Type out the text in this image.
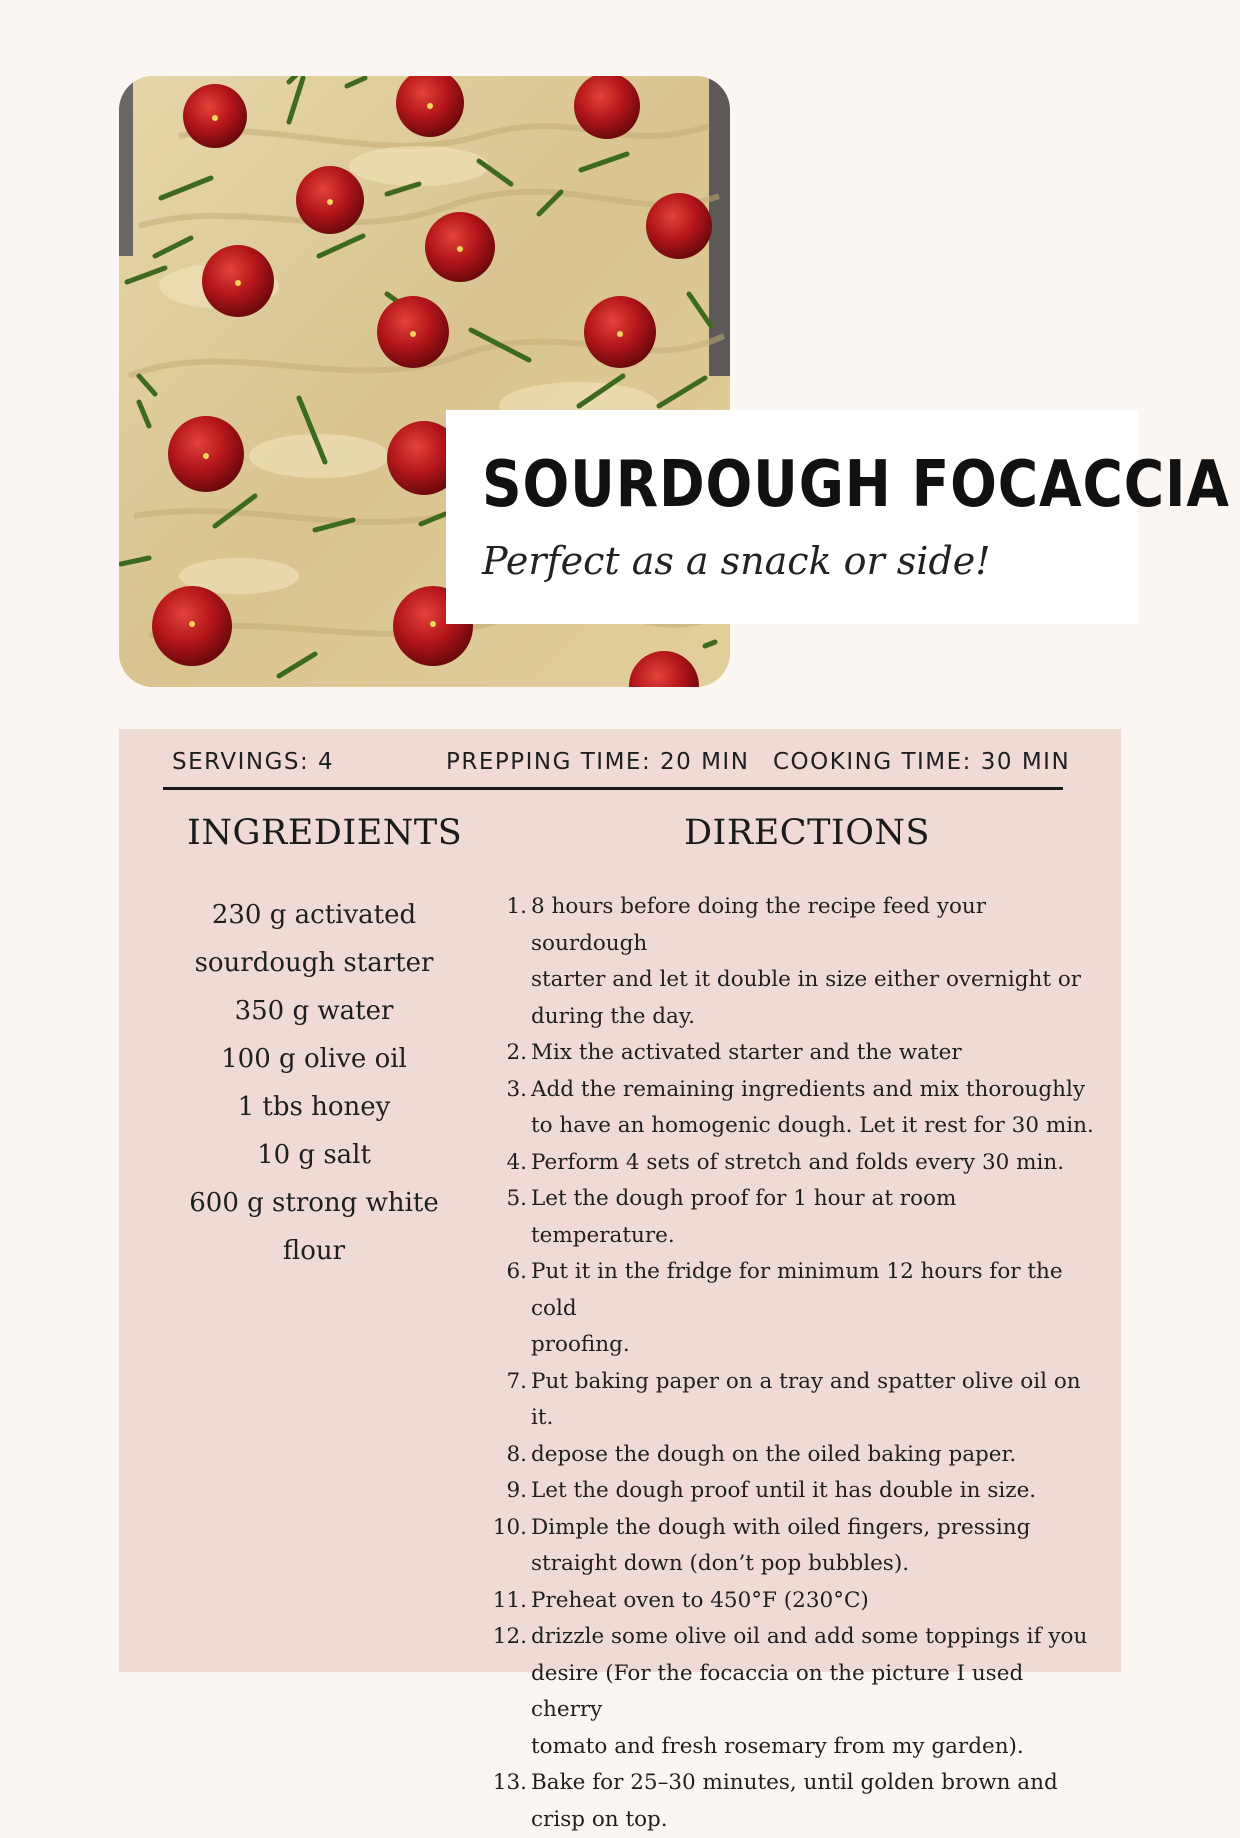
SOURDOUGH FOCACCIA
Perfect as a snack or side!
SERVINGS: 4	PREPPING TIME: 20 MIN COOKING TIME: 30 MIN
INGREDIENTS	DIRECTIONS
230 g activated
sourdough starter
350 g water
100 g olive oil
1 tbs honey
10 g salt
600 g strong white
flour
1. 8 hours before doing the recipe feed your sourdough
starter and let it double in size either overnight or
during the day.
2. Mix the activated starter and the water
3. Add the remaining ingredients and mix thoroughly
to have an homogenic dough. Let it rest for 30 min.
4. Perform 4 sets of stretch and folds every 30 min.
5. Let the dough proof for 1 hour at room temperature.
6. Put it in the fridge for minimum 12 hours for the cold
proofing.
7. Put baking paper on a tray and spatter olive oil on it.
8. depose the dough on the oiled baking paper.
9. Let the dough proof until it has double in size.
10. Dimple the dough with oiled fingers, pressing
straight down (don’t pop bubbles).
11. Preheat oven to 450°F (230°C)
12. drizzle some olive oil and add some toppings if you
desire (For the focaccia on the picture I used cherry
tomato and fresh rosemary from my garden).
13. Bake for 25–30 minutes, until golden brown and
crisp on top.
